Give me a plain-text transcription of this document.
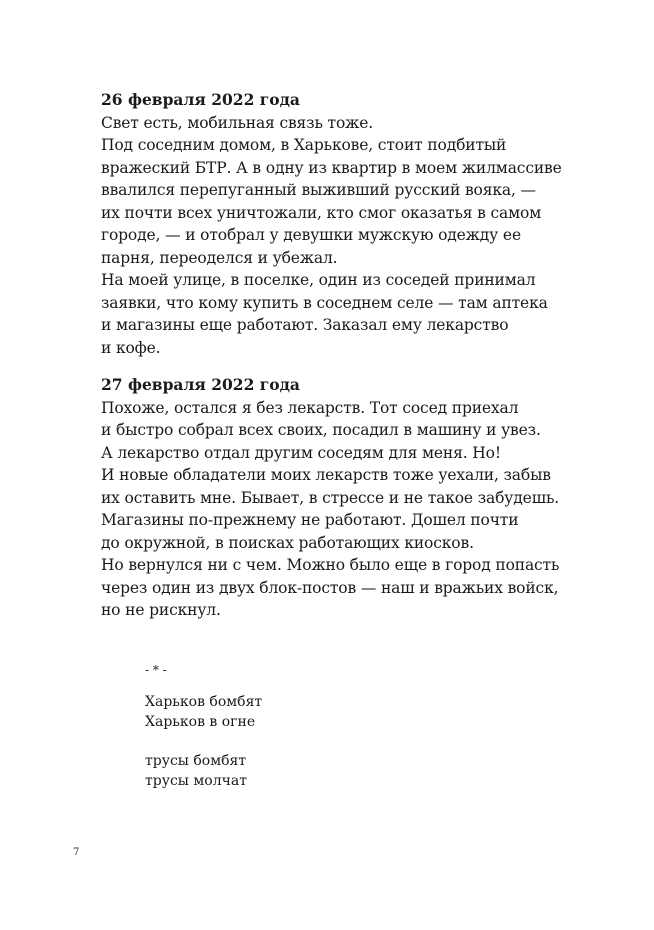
26 февраля 2022 года
Свет есть, мобильная связь тоже.
Под соседним домом, в Харькове, стоит подбитый
вражеский БТР. А в одну из квартир в моем жилмассиве
ввалился перепуганный выживший русский вояка, —
их почти всех уничтожали, кто смог оказатья в самом
городе, — и отобрал у девушки мужскую одежду ее
парня, переоделся и убежал.
На моей улице, в поселке, один из соседей принимал
заявки, что кому купить в соседнем селе — там аптека
и магазины еще работают. Заказал ему лекарство
и кофе.
27 февраля 2022 года
Похоже, остался я без лекарств. Тот сосед приехал
и быстро собрал всех своих, посадил в машину и увез.
А лекарство отдал другим соседям для меня. Но!
И новые обладатели моих лекарств тоже уехали, забыв
их оставить мне. Бывает, в стрессе и не такое забудешь.
Магазины по-прежнему не работают. Дошел почти
до окружной, в поисках работающих киосков.
Но вернулся ни с чем. Можно было еще в город попасть
через один из двух блок-постов — наш и вражьих войск,
но не рискнул.
- * -
Харьков бомбят
Харьков в огне
трусы бомбят
трусы молчат
7
